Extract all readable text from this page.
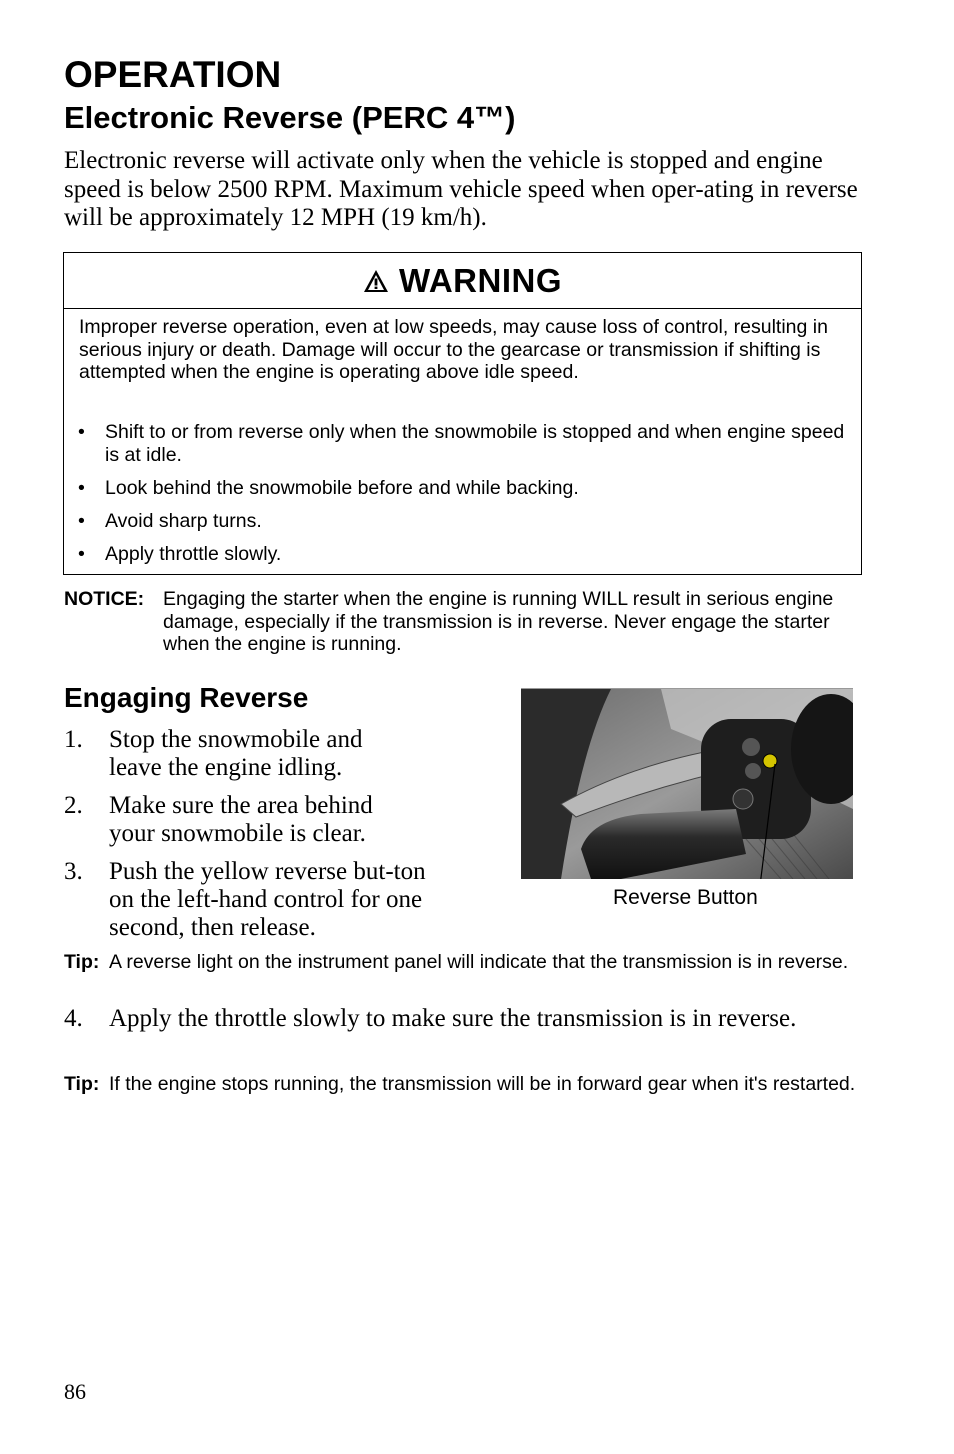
OPERATION
Electronic Reverse (PERC 4™)
Electronic reverse will activate only when the vehicle is stopped and engine speed is below 2500 RPM. Maximum vehicle speed when oper-ating in reverse will be approximately 12 MPH (19 km/h).
WARNING
Improper reverse operation, even at low speeds, may cause loss of control, resulting in serious injury or death. Damage will occur to the gearcase or transmission if shifting is attempted when the engine is operating above idle speed.
• Shift to or from reverse only when the snowmobile is stopped and when engine speed is at idle.
• Look behind the snowmobile before and while backing.
• Avoid sharp turns.
• Apply throttle slowly.
NOTICE: Engaging the starter when the engine is running WILL result in serious engine damage, especially if the transmission is in reverse. Never engage the starter when the engine is running.
Engaging Reverse
1. Stop the snowmobile and leave the engine idling.
2. Make sure the area behind your snowmobile is clear.
3. Push the yellow reverse but-ton on the left-hand control for one second, then release.
Reverse Button
Tip: A reverse light on the instrument panel will indicate that the transmission is in reverse.
4. Apply the throttle slowly to make sure the transmission is in reverse.
Tip: If the engine stops running, the transmission will be in forward gear when it's restarted.
86
